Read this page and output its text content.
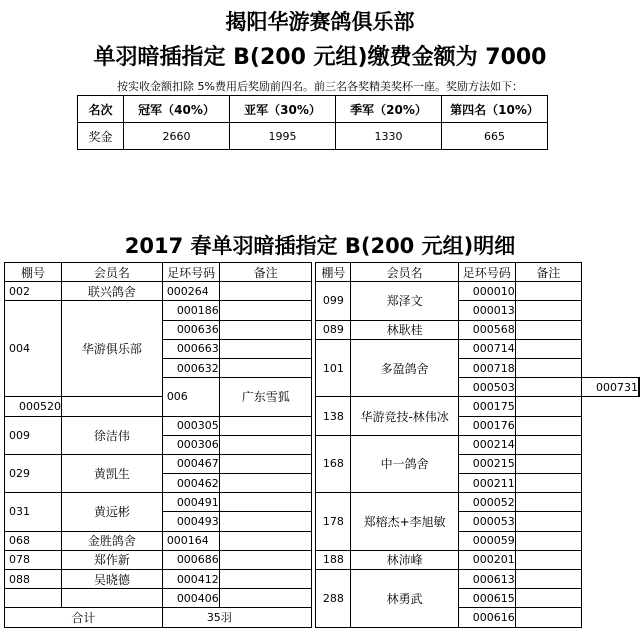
揭阳华游赛鸽俱乐部
单羽暗插指定 B(200 元组)缴费金额为 7000
按实收金额扣除 5%费用后奖励前四名。前三名各奖精美奖杯一座。奖励方法如下：
名次	冠军（40%）	亚军（30%）	季军（20%）	第四名（10%）
奖金	2660	1995	1330	665
2017 春单羽暗插指定 B(200 元组)明细
棚号	会员名	足环号码	备注		棚号	会员名	足环号码	备注		
002	联兴鸽舍	000264			099	郑泽文	000010			
004	华游俱乐部	000186					000013			
		000636			089	林耿桂	000568			
		000663			101	多盈鸽舍	000714			
		000632					000718			
		006	广东雪狐				000503		000731	
000520					138	华游竞技-林伟冰	000175			
009	徐洁伟	000305					000176			
		000306			168	中一鸽舍	000214			
029	黄凯生	000467					000215			
		000462					000211			
031	黄远彬	000491			178	郑榕杰+李旭敏	000052			
		000493					000053			
068	金胜鸽舍	000164					000059			
078	郑作新	000686			188	林沛峰	000201			
088	吴晓德	000412			288	林勇武	000613			
		000406					000615			
合计		35羽					000616			
